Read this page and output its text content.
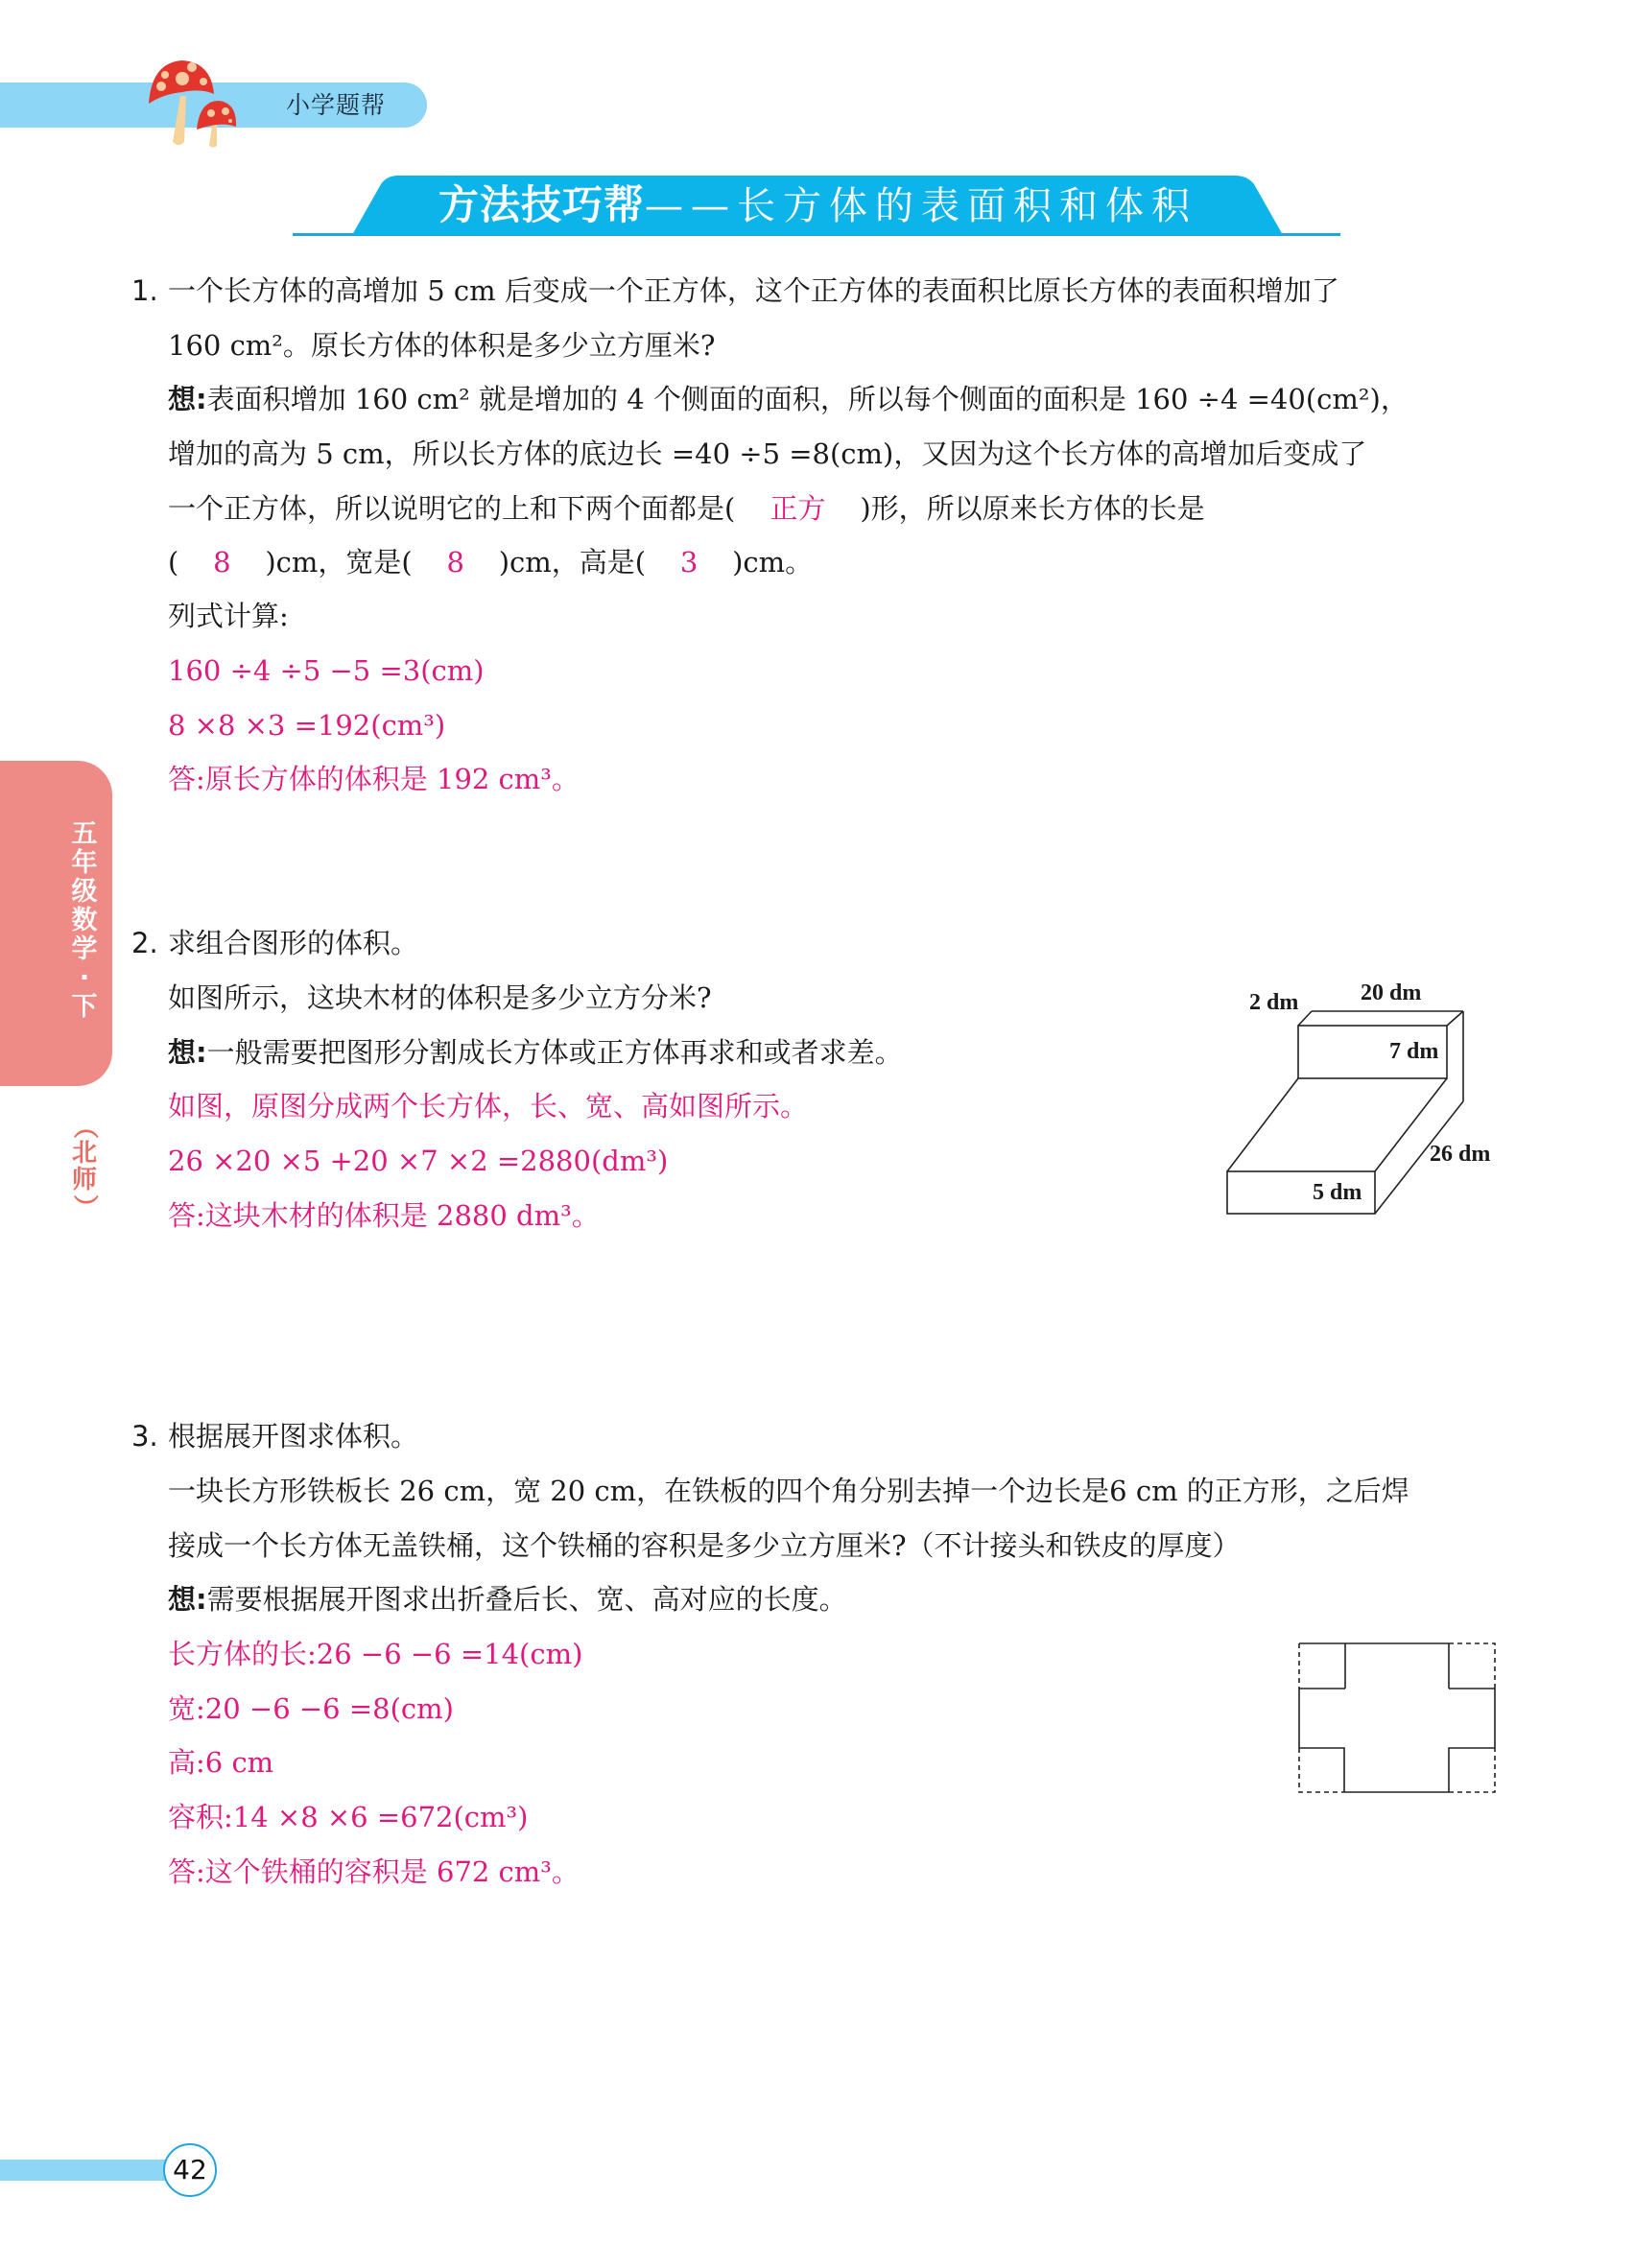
小学题帮
方法技巧帮——长方体的表面积和体积
五
年
级
数
学
·
下
（
北
师
）
1. 一个长方体的高增加 5 cm 后变成一个正方体，这个正方体的表面积比原长方体的表面积增加了
160 cm²。原长方体的体积是多少立方厘米?
想:表面积增加 160 cm² 就是增加的 4 个侧面的面积，所以每个侧面的面积是 160 ÷4 =40(cm²)，
增加的高为 5 cm，所以长方体的底边长 =40 ÷5 =8(cm)，又因为这个长方体的高增加后变成了
一个正方体，所以说明它的上和下两个面都是( 正方 )形，所以原来长方体的长是
( 8 )cm，宽是( 8 )cm，高是( 3 )cm。
列式计算:
160 ÷4 ÷5 −5 =3(cm)
8 ×8 ×3 =192(cm³)
答:原长方体的体积是 192 cm³。
2. 求组合图形的体积。
如图所示，这块木材的体积是多少立方分米?
想:一般需要把图形分割成长方体或正方体再求和或者求差。
如图，原图分成两个长方体，长、宽、高如图所示。
26 ×20 ×5 +20 ×7 ×2 =2880(dm³)
答:这块木材的体积是 2880 dm³。
2 dm	20 dm
7 dm
26 dm
5 dm
3. 根据展开图求体积。
一块长方形铁板长 26 cm，宽 20 cm，在铁板的四个角分别去掉一个边长是6 cm 的正方形，之后焊
接成一个长方体无盖铁桶，这个铁桶的容积是多少立方厘米?（不计接头和铁皮的厚度）
想:需要根据展开图求出折叠后长、宽、高对应的长度。
长方体的长:26 −6 −6 =14(cm)
宽:20 −6 −6 =8(cm)
高:6 cm
容积:14 ×8 ×6 =672(cm³)
答:这个铁桶的容积是 672 cm³。
42
